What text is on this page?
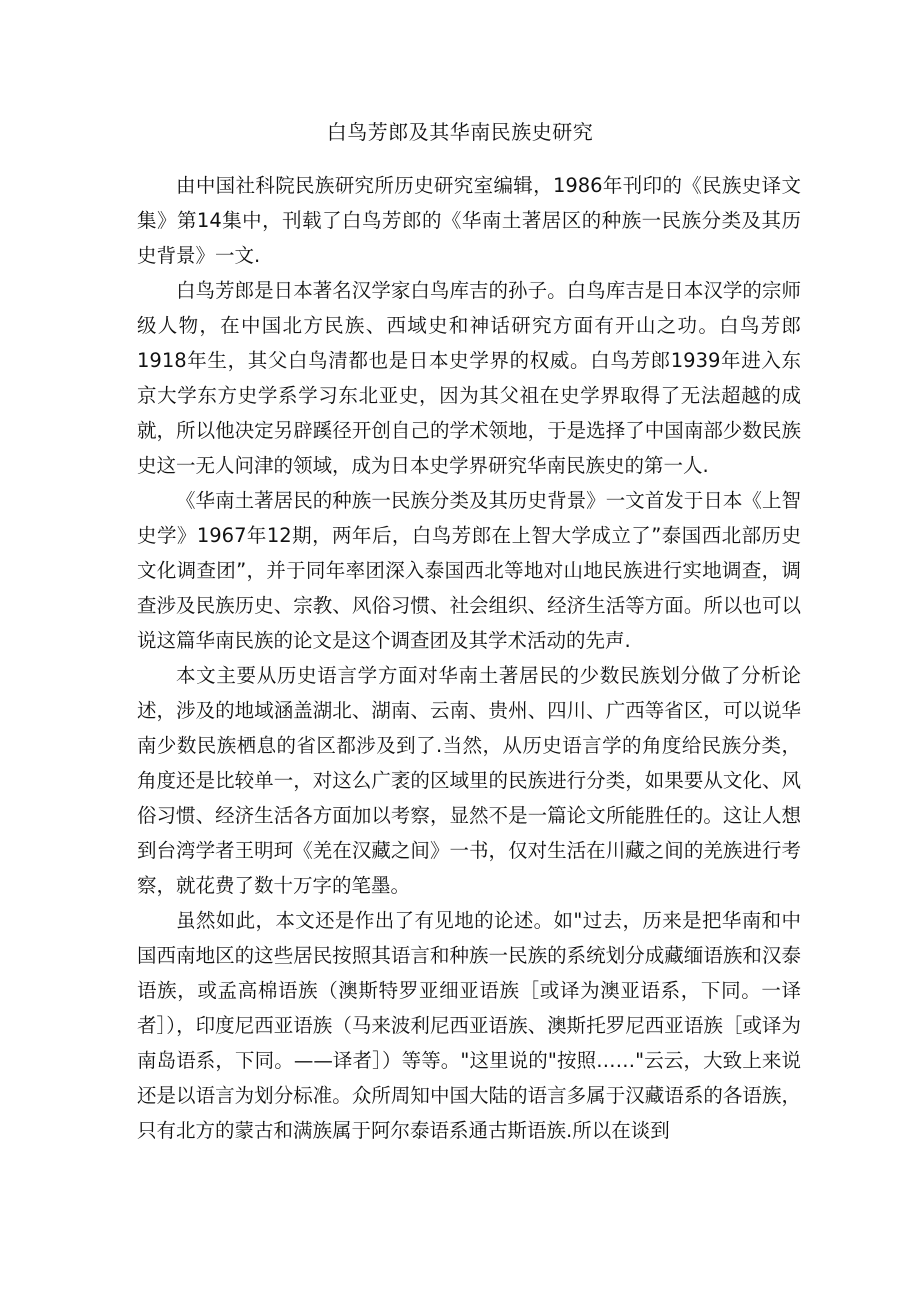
白鸟芳郎及其华南民族史研究

由中国社科院民族研究所历史研究室编辑，1986年刊印的《民族史译文集》第14集中，刊载了白鸟芳郎的《华南土著居区的种族一民族分类及其历史背景》一文.

白鸟芳郎是日本著名汉学家白鸟库吉的孙子。白鸟库吉是日本汉学的宗师级人物，在中国北方民族、西域史和神话研究方面有开山之功。白鸟芳郎1918年生，其父白鸟清都也是日本史学界的权威。白鸟芳郎1939年进入东京大学东方史学系学习东北亚史，因为其父祖在史学界取得了无法超越的成就，所以他决定另辟蹊径开创自己的学术领地，于是选择了中国南部少数民族史这一无人问津的领域，成为日本史学界研究华南民族史的第一人.

《华南土著居民的种族一民族分类及其历史背景》一文首发于日本《上智史学》1967年12期，两年后，白鸟芳郎在上智大学成立了”泰国西北部历史文化调查团”，并于同年率团深入泰国西北等地对山地民族进行实地调查，调查涉及民族历史、宗教、风俗习惯、社会组织、经济生活等方面。所以也可以说这篇华南民族的论文是这个调查团及其学术活动的先声.

本文主要从历史语言学方面对华南土著居民的少数民族划分做了分析论述，涉及的地域涵盖湖北、湖南、云南、贵州、四川、广西等省区，可以说华南少数民族栖息的省区都涉及到了.当然，从历史语言学的角度给民族分类，角度还是比较单一，对这么广袤的区域里的民族进行分类，如果要从文化、风俗习惯、经济生活各方面加以考察，显然不是一篇论文所能胜任的。这让人想到台湾学者王明珂《羌在汉藏之间》一书，仅对生活在川藏之间的羌族进行考察，就花费了数十万字的笔墨。

虽然如此，本文还是作出了有见地的论述。如"过去，历来是把华南和中国西南地区的这些居民按照其语言和种族一民族的系统划分成藏缅语族和汉泰语族，或孟高棉语族（澳斯特罗亚细亚语族［或译为澳亚语系，下同。一译者］），印度尼西亚语族（马来波利尼西亚语族、澳斯托罗尼西亚语族［或译为南岛语系，下同。——译者］）等等。"这里说的"按照……"云云，大致上来说还是以语言为划分标准。众所周知中国大陆的语言多属于汉藏语系的各语族，只有北方的蒙古和满族属于阿尔泰语系通古斯语族.所以在谈到
